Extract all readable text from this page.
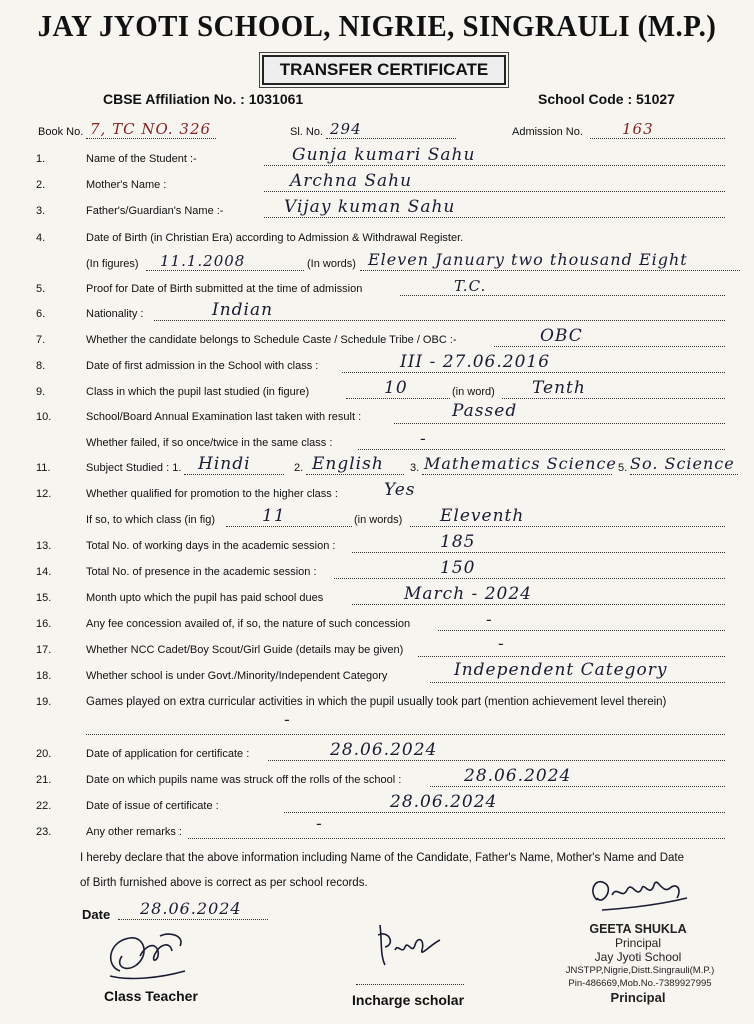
JAY JYOTI SCHOOL, NIGRIE, SINGRAULI (M.P.)
TRANSFER CERTIFICATE
CBSE Affiliation No. : 1031061	School Code : 51027
Book No. 7, TC NO. 326	Sl. No. 294	Admission No.	163
1.	Name of the Student :-	Gunja kumari Sahu
2.	Mother's Name :	Archna Sahu
3.	Father's/Guardian's Name :-	Vijay kuman Sahu
4.	Date of Birth (in Christian Era) according to Admission & Withdrawal Register.
(In figures) 11.1.2008	(In words) Eleven January two thousand Eight
5.	Proof for Date of Birth submitted at the time of admission	T.C.
6.	Nationality :	Indian
7.	Whether the candidate belongs to Schedule Caste / Schedule Tribe / OBC :-	OBC
8.	Date of first admission in the School with class :	III - 27.06.2016
9.	Class in which the pupil last studied (in figure)	10	(in word) Tenth
10.	School/Board Annual Examination last taken with result :	Passed
Whether failed, if so once/twice in the same class :	-
11.	Subject Studied : 1. Hindi	2. English 3. Mathematics Science 5. So. Science
12.	Whether qualified for promotion to the higher class :	Yes
If so, to which class (in fig)	11	(in words) Eleventh
13.	Total No. of working days in the academic session :	185
14.	Total No. of presence in the academic session :	150
15.	Month upto which the pupil has paid school dues	March - 2024
16.	Any fee concession availed of, if so, the nature of such concession	-
17.	Whether NCC Cadet/Boy Scout/Girl Guide (details may be given)	-
18.	Whether school is under Govt./Minority/Independent Category	Independent Category
19.	Games played on extra curricular activities in which the pupil usually took part (mention achievement level therein)
-
20.	Date of application for certificate :	28.06.2024
21.	Date on which pupils name was struck off the rolls of the school :	28.06.2024
22.	Date of issue of certificate :	28.06.2024
23.	Any other remarks :	-
I hereby declare that the above information including Name of the Candidate, Father's Name, Mother's Name and Date
of Birth furnished above is correct as per school records.
Date 28.06.2024
Class Teacher	Incharge scholar
GEETA SHUKLA
Principal
Jay Jyoti School
JNSTPP,Nigrie,Distt.Singrauli(M.P.)
Pin-486669,Mob.No.-7389927995
Principal
